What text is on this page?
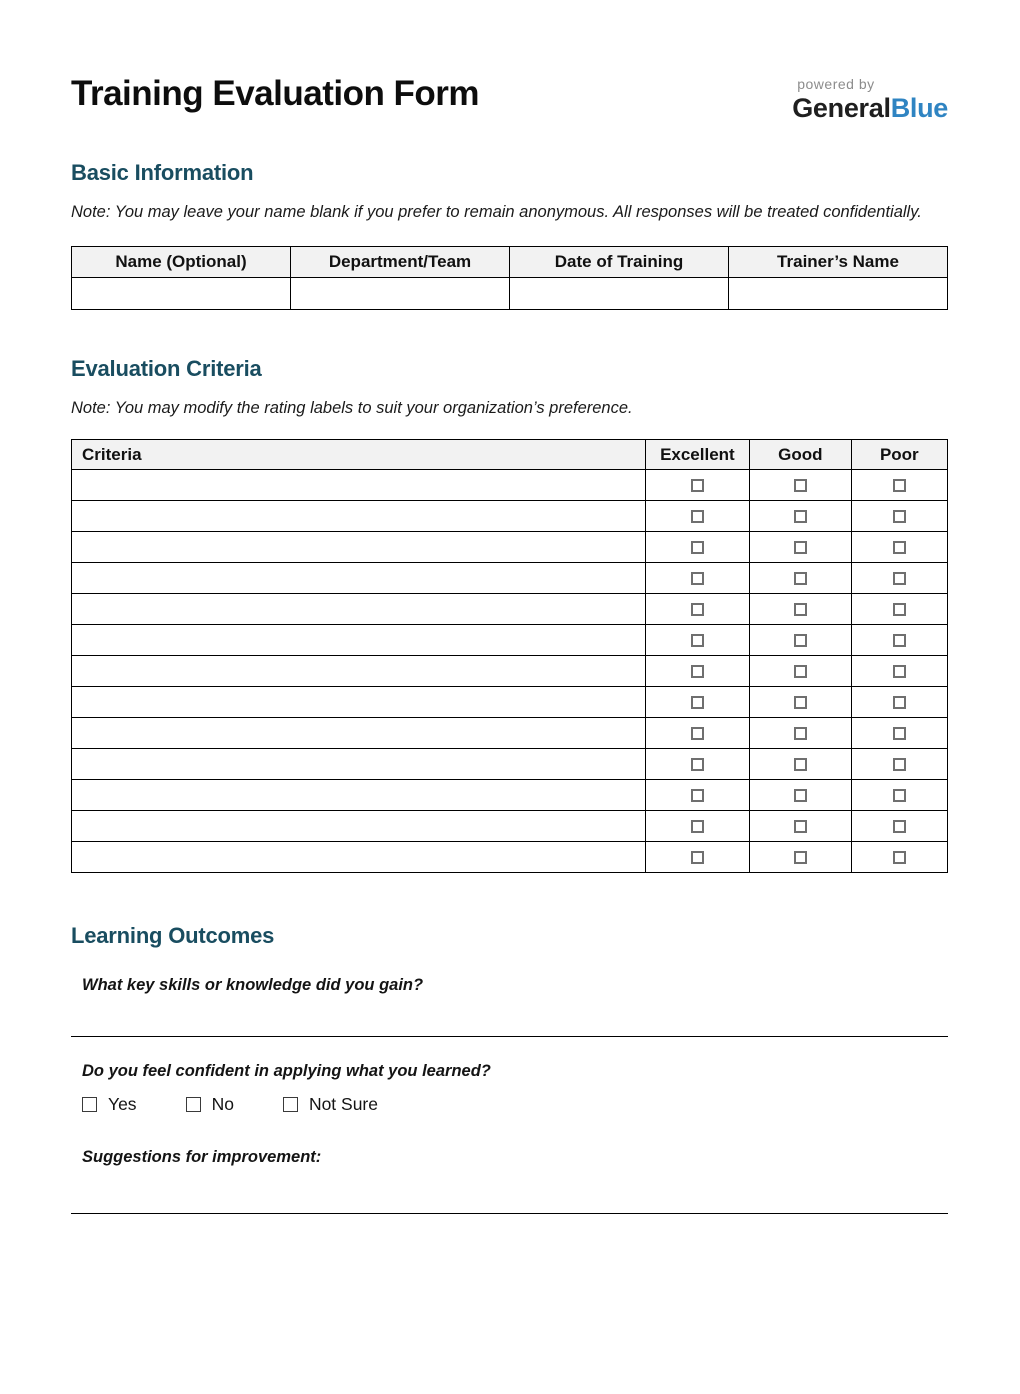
Training Evaluation Form	powered by
GeneralBlue
Basic Information

Note: You may leave your name blank if you prefer to remain anonymous. All responses will be treated confidentially.

Name (Optional)	Department/Team	Date of Training	Trainer’s Name

Evaluation Criteria

Note: You may modify the rating labels to suit your organization’s preference.

Criteria	Excellent	Good	Poor

Learning Outcomes

What key skills or knowledge did you gain?

Do you feel confident in applying what you learned?

Yes	No	Not Sure

Suggestions for improvement:
